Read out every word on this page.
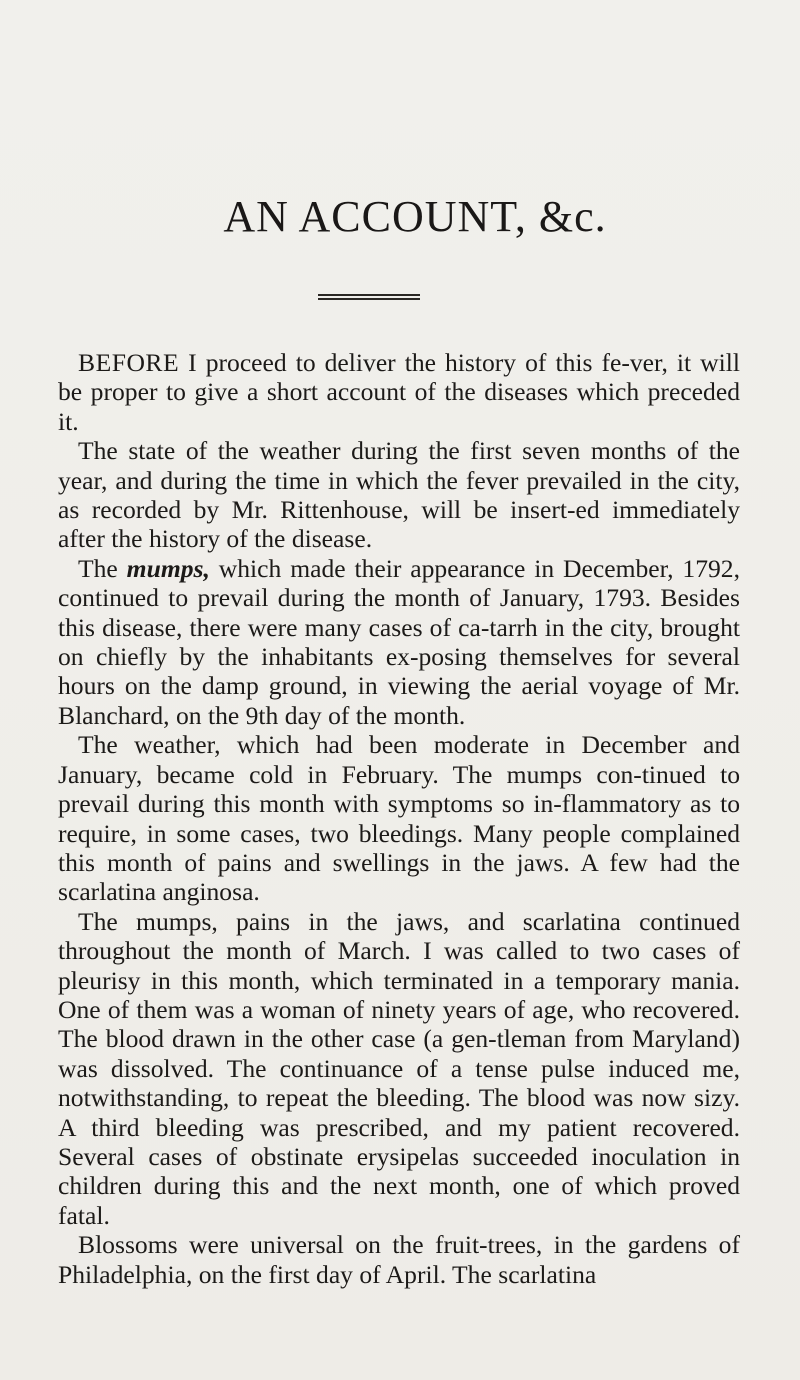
AN ACCOUNT, &c.

BEFORE I proceed to deliver the history of this fe-ver, it will be proper to give a short account of the diseases which preceded it.

The state of the weather during the first seven months of the year, and during the time in which the fever prevailed in the city, as recorded by Mr. Rittenhouse, will be insert-ed immediately after the history of the disease.

The mumps, which made their appearance in December, 1792, continued to prevail during the month of January, 1793. Besides this disease, there were many cases of ca-tarrh in the city, brought on chiefly by the inhabitants ex-posing themselves for several hours on the damp ground, in viewing the aerial voyage of Mr. Blanchard, on the 9th day of the month.

The weather, which had been moderate in December and January, became cold in February. The mumps con-tinued to prevail during this month with symptoms so in-flammatory as to require, in some cases, two bleedings. Many people complained this month of pains and swellings in the jaws. A few had the scarlatina anginosa.

The mumps, pains in the jaws, and scarlatina continued throughout the month of March. I was called to two cases of pleurisy in this month, which terminated in a temporary mania. One of them was a woman of ninety years of age, who recovered. The blood drawn in the other case (a gen-tleman from Maryland) was dissolved. The continuance of a tense pulse induced me, notwithstanding, to repeat the bleeding. The blood was now sizy. A third bleeding was prescribed, and my patient recovered. Several cases of obstinate erysipelas succeeded inoculation in children during this and the next month, one of which proved fatal.

Blossoms were universal on the fruit-trees, in the gardens of Philadelphia, on the first day of April. The scarlatina
